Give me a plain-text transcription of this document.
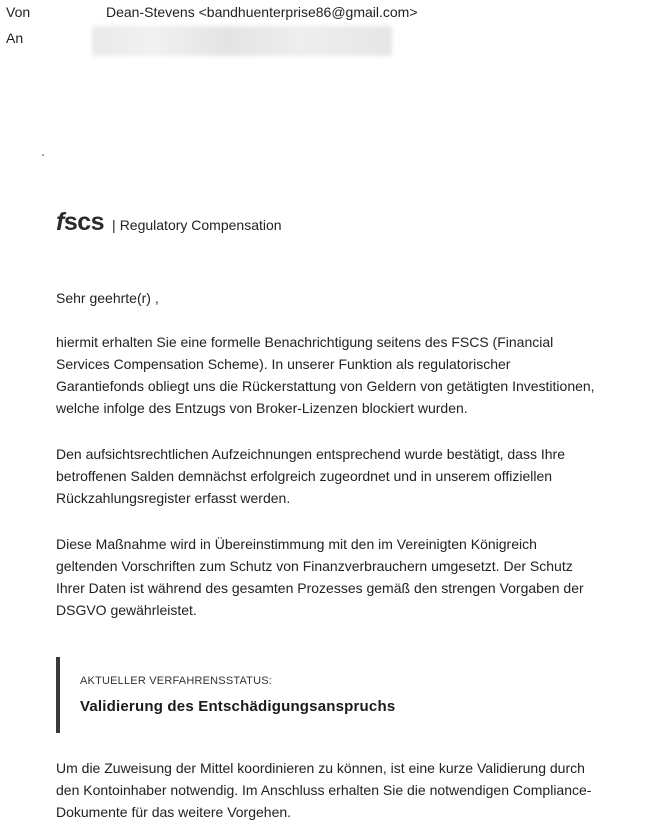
Von	Dean-Stevens <bandhuenterprise86@gmail.com>
An
fscs | Regulatory Compensation
Sehr geehrte(r) ,
hiermit erhalten Sie eine formelle Benachrichtigung seitens des FSCS (Financial Services Compensation Scheme). In unserer Funktion als regulatorischer Garantiefonds obliegt uns die Rückerstattung von Geldern von getätigten Investitionen, welche infolge des Entzugs von Broker-Lizenzen blockiert wurden.
Den aufsichtsrechtlichen Aufzeichnungen entsprechend wurde bestätigt, dass Ihre betroffenen Salden demnächst erfolgreich zugeordnet und in unserem offiziellen Rückzahlungsregister erfasst werden.
Diese Maßnahme wird in Übereinstimmung mit den im Vereinigten Königreich geltenden Vorschriften zum Schutz von Finanzverbrauchern umgesetzt. Der Schutz Ihrer Daten ist während des gesamten Prozesses gemäß den strengen Vorgaben der DSGVO gewährleistet.
AKTUELLER VERFAHRENSSTATUS:
Validierung des Entschädigungsanspruchs
Um die Zuweisung der Mittel koordinieren zu können, ist eine kurze Validierung durch den Kontoinhaber notwendig. Im Anschluss erhalten Sie die notwendigen Compliance-Dokumente für das weitere Vorgehen.
